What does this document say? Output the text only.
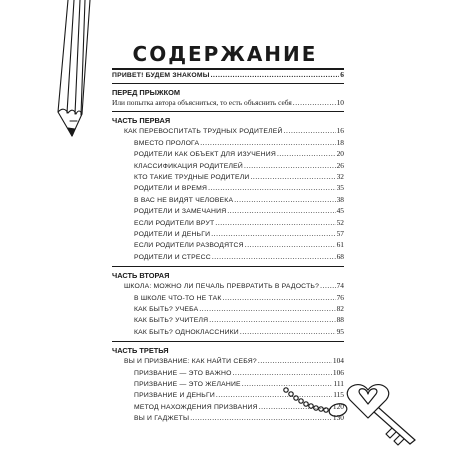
СОДЕРЖАНИЕ
ПРИВЕТ! БУДЕМ ЗНАКОМЫ .....	6
ПЕРЕД ПРЫЖКОМ
Или попытка автора объясниться, то есть объяснить себя .....	10
ЧАСТЬ ПЕРВАЯ
КАК ПЕРЕВОСПИТАТЬ ТРУДНЫХ РОДИТЕЛЕЙ .....	16
ВМЕСТО ПРОЛОГА .....	18
РОДИТЕЛИ КАК ОБЪЕКТ ДЛЯ ИЗУЧЕНИЯ .....	20
КЛАССИФИКАЦИЯ РОДИТЕЛЕЙ .....	26
КТО ТАКИЕ ТРУДНЫЕ РОДИТЕЛИ .....	32
РОДИТЕЛИ И ВРЕМЯ .....	35
В ВАС НЕ ВИДЯТ ЧЕЛОВЕКА .....	38
РОДИТЕЛИ И ЗАМЕЧАНИЯ .....	45
ЕСЛИ РОДИТЕЛИ ВРУТ .....	52
РОДИТЕЛИ И ДЕНЬГИ .....	57
ЕСЛИ РОДИТЕЛИ РАЗВОДЯТСЯ .....	61
РОДИТЕЛИ И СТРЕСС .....	68
ЧАСТЬ ВТОРАЯ
ШКОЛА: МОЖНО ЛИ ПЕЧАЛЬ ПРЕВРАТИТЬ В РАДОСТЬ? ..... 74
В ШКОЛЕ ЧТО-ТО НЕ ТАК .....	76
КАК БЫТЬ? УЧЕБА .....	82
КАК БЫТЬ? УЧИТЕЛЯ .....	88
КАК БЫТЬ? ОДНОКЛАССНИКИ .....	95
ЧАСТЬ ТРЕТЬЯ
ВЫ И ПРИЗВАНИЕ: КАК НАЙТИ СЕБЯ? .....	104
ПРИЗВАНИЕ — ЭТО ВАЖНО .....	106
ПРИЗВАНИЕ — ЭТО ЖЕЛАНИЕ .....	111
ПРИЗВАНИЕ И ДЕНЬГИ .....	115
МЕТОД НАХОЖДЕНИЯ ПРИЗВАНИЯ .....	120
ВЫ И ГАДЖЕТЫ .....	130
